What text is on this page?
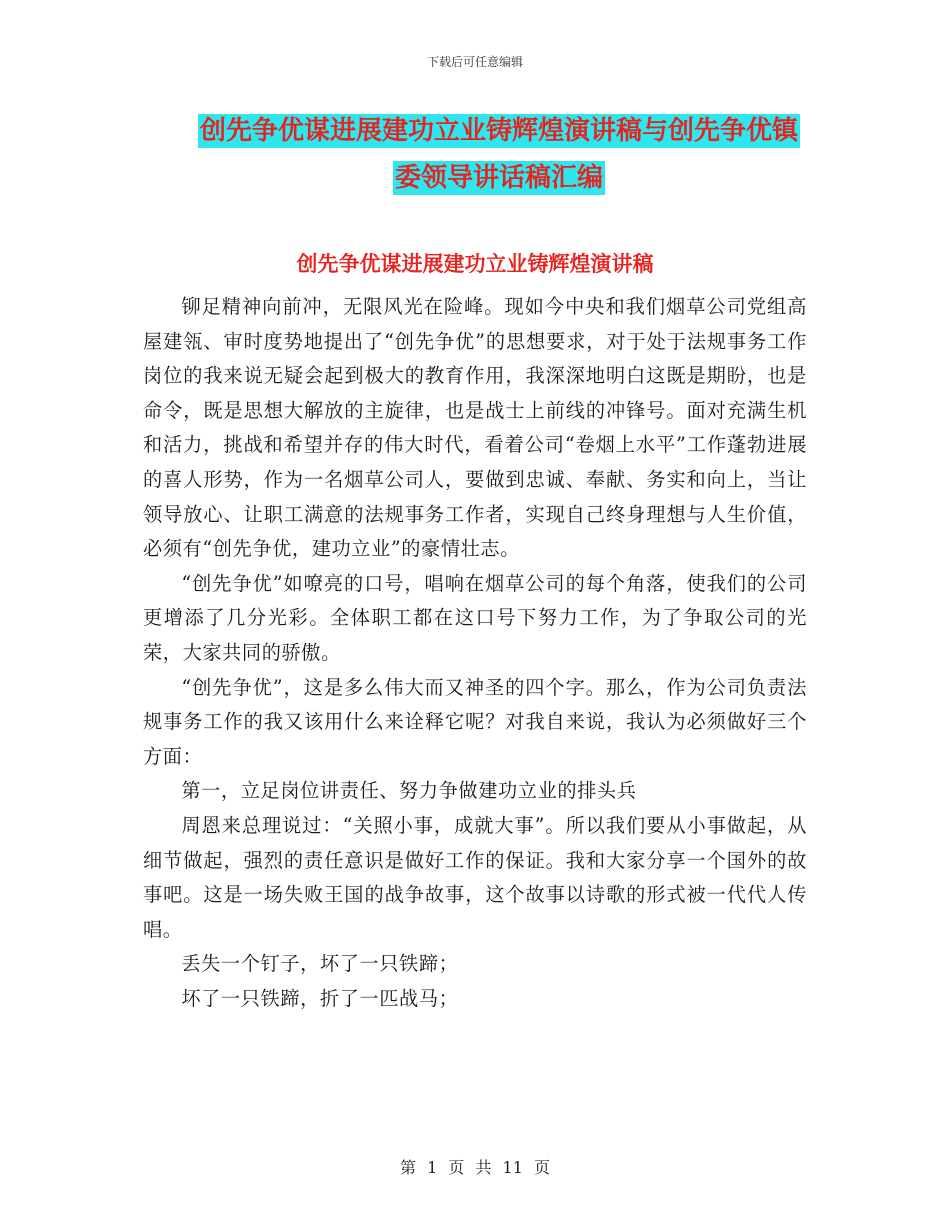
下载后可任意编辑
创先争优谋进展建功立业铸辉煌演讲稿与创先争优镇
委领导讲话稿汇编
创先争优谋进展建功立业铸辉煌演讲稿

铆足精神向前冲，无限风光在险峰。现如今中央和我们烟草公司党组高屋建瓴、审时度势地提出了“创先争优”的思想要求，对于处于法规事务工作岗位的我来说无疑会起到极大的教育作用，我深深地明白这既是期盼，也是命令，既是思想大解放的主旋律，也是战士上前线的冲锋号。面对充满生机和活力，挑战和希望并存的伟大时代，看着公司“卷烟上水平”工作蓬勃进展的喜人形势，作为一名烟草公司人，要做到忠诚、奉献、务实和向上，当让领导放心、让职工满意的法规事务工作者，实现自己终身理想与人生价值，必须有“创先争优，建功立业”的豪情壮志。

“创先争优”如嘹亮的口号，唱响在烟草公司的每个角落，使我们的公司更增添了几分光彩。全体职工都在这口号下努力工作，为了争取公司的光荣，大家共同的骄傲。

“创先争优”，这是多么伟大而又神圣的四个字。那么，作为公司负责法规事务工作的我又该用什么来诠释它呢？对我自来说，我认为必须做好三个方面：

第一，立足岗位讲责任、努力争做建功立业的排头兵

周恩来总理说过：“关照小事，成就大事”。所以我们要从小事做起，从细节做起，强烈的责任意识是做好工作的保证。我和大家分享一个国外的故事吧。这是一场失败王国的战争故事，这个故事以诗歌的形式被一代代人传唱。

丢失一个钉子，坏了一只铁蹄；

坏了一只铁蹄，折了一匹战马；

第 1 页 共 11 页
